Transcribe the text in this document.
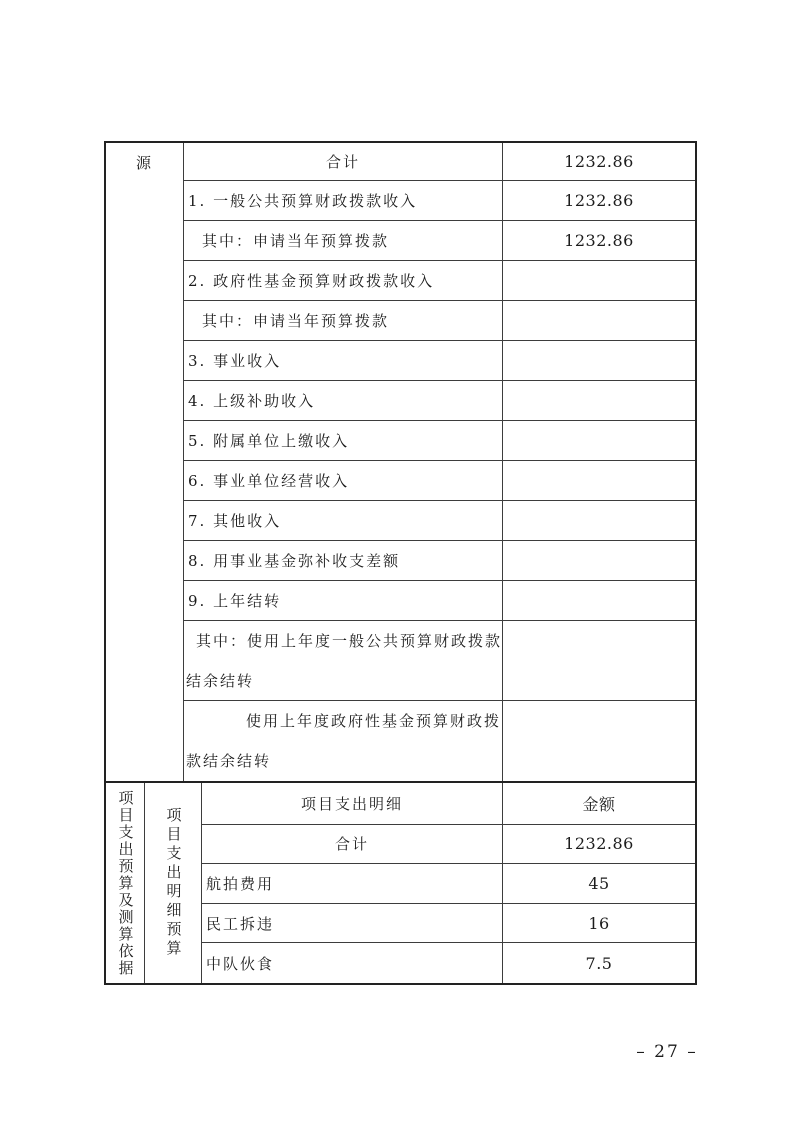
源	合计	1232.86
1. 一般公共预算财政拨款收入	1232.86
其中：申请当年预算拨款	1232.86
2. 政府性基金预算财政拨款收入
其中：申请当年预算拨款
3. 事业收入
4. 上级补助收入
5. 附属单位上缴收入
6. 事业单位经营收入
7. 其他收入
8. 用事业基金弥补收支差额
9. 上年结转
其中：使用上年度一般公共预算财政拨款
结余结转
使用上年度政府性基金预算财政拨
款结余结转
项目支出预算及测算依据 项目支出明细预算
项目支出明细	金额
合计	1232.86
航拍费用	45
民工拆违	16
中队伙食	7.5
– 27 –
